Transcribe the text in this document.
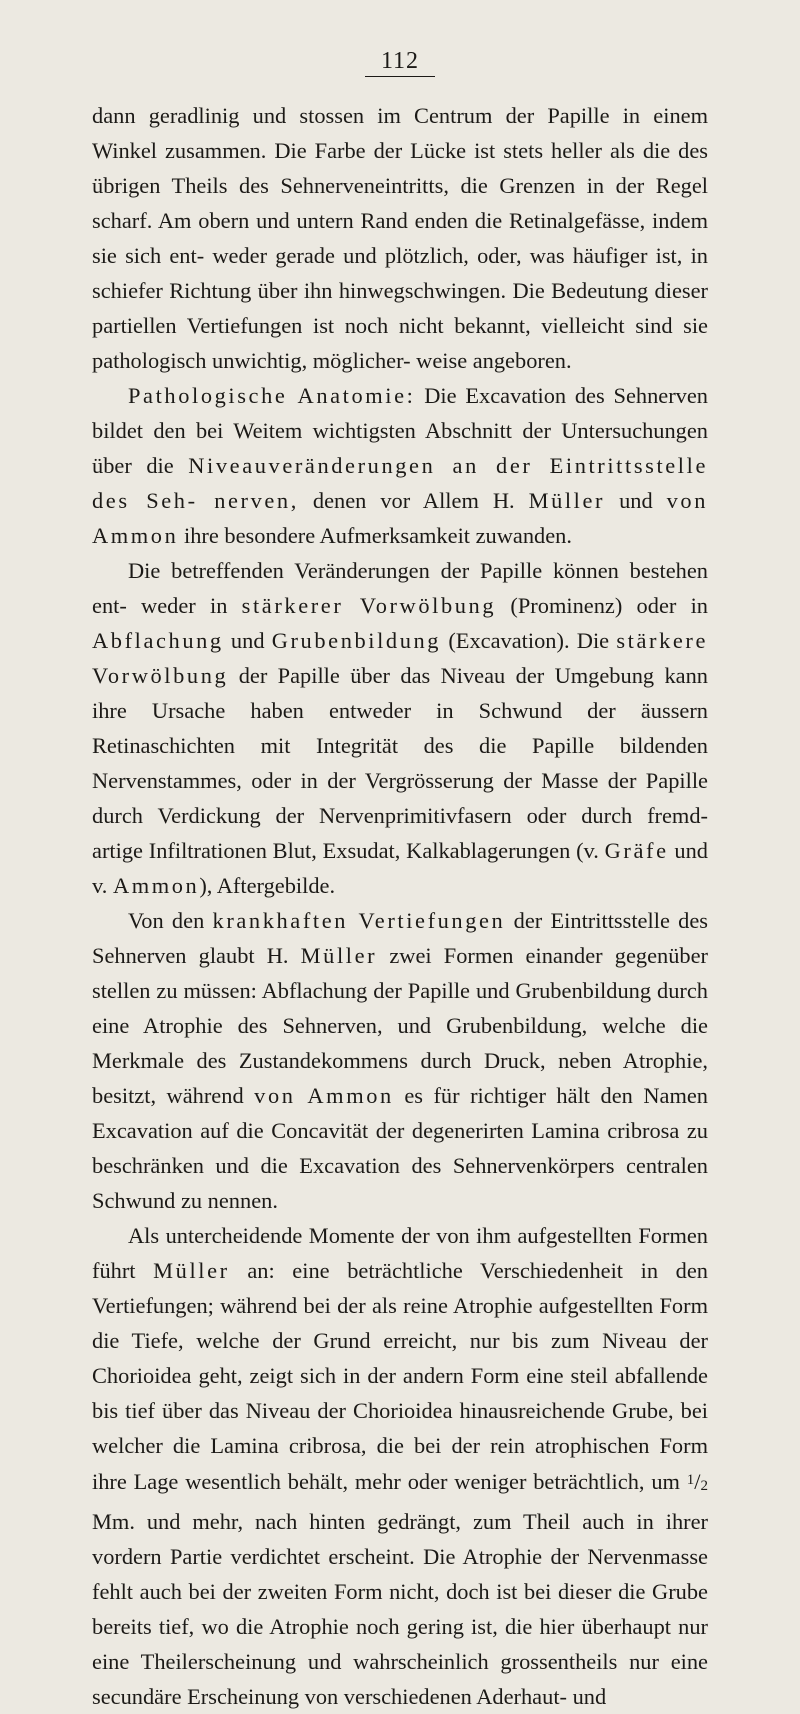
112

dann geradlinig und stossen im Centrum der Papille in einem Winkel zusammen. Die Farbe der Lücke ist stets heller als die des übrigen Theils des Sehnerveneintritts, die Grenzen in der Regel scharf. Am obern und untern Rand enden die Retinalgefässe, indem sie sich ent- weder gerade und plötzlich, oder, was häufiger ist, in schiefer Richtung über ihn hinwegschwingen. Die Bedeutung dieser partiellen Vertiefungen ist noch nicht bekannt, vielleicht sind sie pathologisch unwichtig, möglicher- weise angeboren.

Pathologische Anatomie: Die Excavation des Sehnerven bildet den bei Weitem wichtigsten Abschnitt der Untersuchungen über die Niveauveränderungen an der Eintrittsstelle des Seh- nerven, denen vor Allem H. Müller und von Ammon ihre besondere Aufmerksamkeit zuwanden.

Die betreffenden Veränderungen der Papille können bestehen ent- weder in stärkerer Vorwölbung (Prominenz) oder in Abflachung und Grubenbildung (Excavation). Die stärkere Vorwölbung der Papille über das Niveau der Umgebung kann ihre Ursache haben entweder in Schwund der äussern Retinaschichten mit Integrität des die Papille bildenden Nervenstammes, oder in der Vergrösserung der Masse der Papille durch Verdickung der Nervenprimitivfasern oder durch fremd- artige Infiltrationen Blut, Exsudat, Kalkablagerungen (v. Gräfe und v. Ammon), Aftergebilde.

Von den krankhaften Vertiefungen der Eintrittsstelle des Sehnerven glaubt H. Müller zwei Formen einander gegenüber stellen zu müssen: Abflachung der Papille und Grubenbildung durch eine Atrophie des Sehnerven, und Grubenbildung, welche die Merkmale des Zustandekommens durch Druck, neben Atrophie, besitzt, während von Ammon es für richtiger hält den Namen Excavation auf die Concavität der degenerirten Lamina cribrosa zu beschränken und die Excavation des Sehnervenkörpers centralen Schwund zu nennen.

Als untercheidende Momente der von ihm aufgestellten Formen führt Müller an: eine beträchtliche Verschiedenheit in den Vertiefungen; während bei der als reine Atrophie aufgestellten Form die Tiefe, welche der Grund erreicht, nur bis zum Niveau der Chorioidea geht, zeigt sich in der andern Form eine steil abfallende bis tief über das Niveau der Chorioidea hinausreichende Grube, bei welcher die Lamina cribrosa, die bei der rein atrophischen Form ihre Lage wesentlich behält, mehr oder weniger beträchtlich, um $^1$/2 Mm. und mehr, nach hinten gedrängt, zum Theil auch in ihrer vordern Partie verdichtet erscheint. Die Atrophie der Nervenmasse fehlt auch bei der zweiten Form nicht, doch ist bei dieser die Grube bereits tief, wo die Atrophie noch gering ist, die hier überhaupt nur eine Theilerscheinung und wahrscheinlich grossentheils nur eine secundäre Erscheinung von verschiedenen Aderhaut- und
